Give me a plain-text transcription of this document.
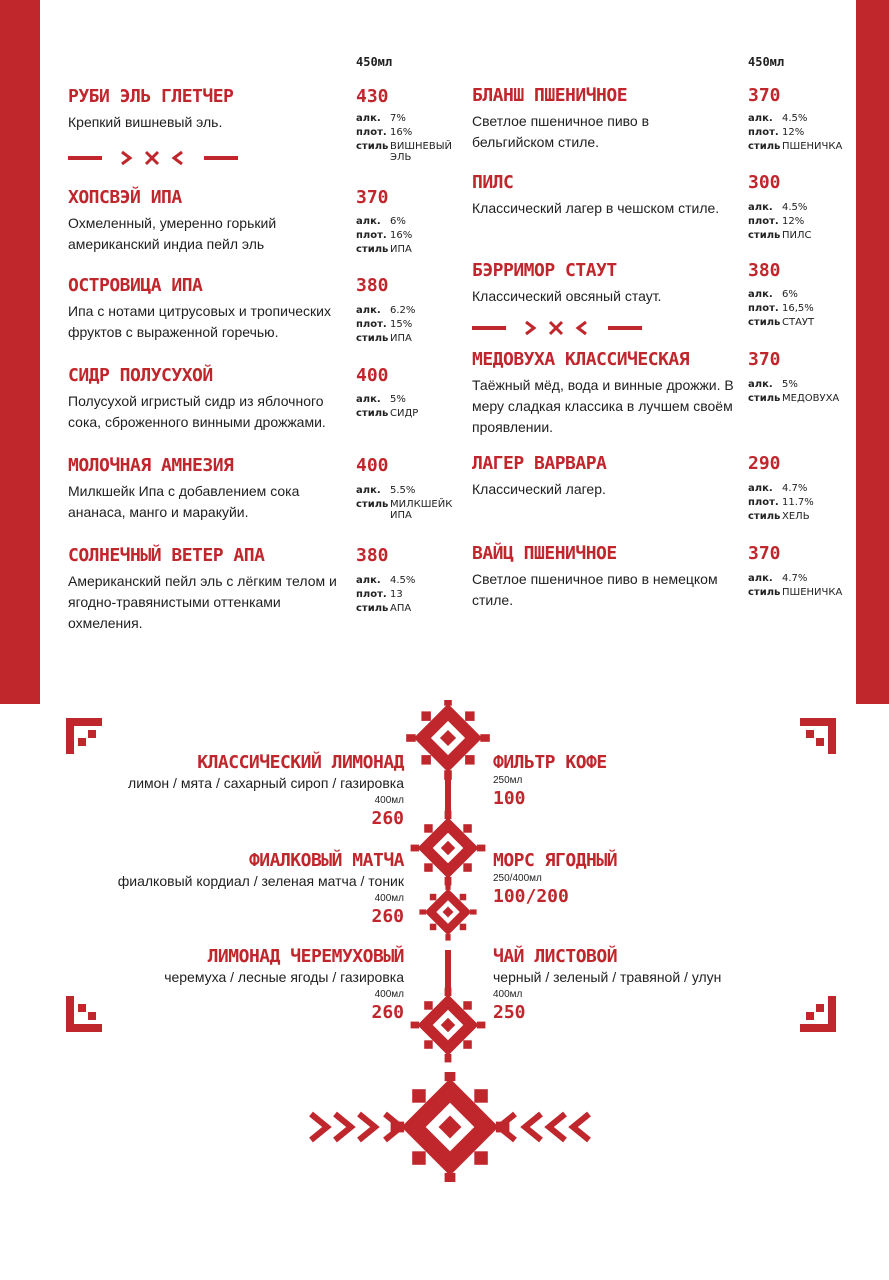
450мл	450мл
РУБИ ЭЛЬ ГЛЕТЧЕР
Крепкий вишневый эль.
430
алк. 7%
плот. 16%
стиль ВИШНЕВЫЙ ЭЛЬ
ХОПСВЭЙ ИПА
Охмеленный, умеренно горький американский индиа пейл эль
370
алк. 6%
плот. 16%
стиль ИПА
ОСТРОВИЦА ИПА
Ипа с нотами цитрусовых и тропических фруктов с выраженной горечью.
380
алк. 6.2%
плот. 15%
стиль ИПА
СИДР ПОЛУСУХОЙ
Полусухой игристый сидр из яблочного сока, сброженного винными дрожжами.
400
алк. 5%
стиль СИДР
МОЛОЧНАЯ АМНЕЗИЯ
Милкшейк Ипа с добавлением сока ананаса, манго и маракуйи.
400
алк. 5.5%
стиль МИЛКШЕЙК ИПА
СОЛНЕЧНЫЙ ВЕТЕР АПА
Американский пейл эль с лёгким телом и ягодно-травянистыми оттенками охмеления.
380
алк. 4.5%
плот. 13
стиль АПА
БЛАНШ ПШЕНИЧНОЕ
Светлое пшеничное пиво в бельгийском стиле.
370
алк. 4.5%
плот. 12%
стиль ПШЕНИЧКА
ПИЛС
Классический лагер в чешском стиле.
300
алк. 4.5%
плот. 12%
стиль ПИЛС
БЭРРИМОР СТАУТ
Классический овсяный стаут.
380
алк. 6%
плот. 16,5%
стиль СТАУТ
МЕДОВУХА КЛАССИЧЕСКАЯ
Таёжный мёд, вода и винные дрожжи. В меру сладкая классика в лучшем своём проявлении.
370
алк. 5%
стиль МЕДОВУХА
ЛАГЕР ВАРВАРА
Классический лагер.
290
алк. 4.7%
плот. 11.7%
стиль ХЕЛЬ
ВАЙЦ ПШЕНИЧНОЕ
Светлое пшеничное пиво в немецком стиле.
370
алк. 4.7%
стиль ПШЕНИЧКА
КЛАССИЧЕСКИЙ ЛИМОНАД
лимон / мята / сахарный сироп / газировка
400мл
260
ФИАЛКОВЫЙ МАТЧА
фиалковый кордиал / зеленая матча / тоник
400мл
260
ЛИМОНАД ЧЕРЕМУХОВЫЙ
черемуха / лесные ягоды / газировка
400мл
260
ФИЛЬТР КОФЕ
250мл
100
МОРС ЯГОДНЫЙ
250/400мл
100/200
ЧАЙ ЛИСТОВОЙ
черный / зеленый / травяной / улун
400мл
250
